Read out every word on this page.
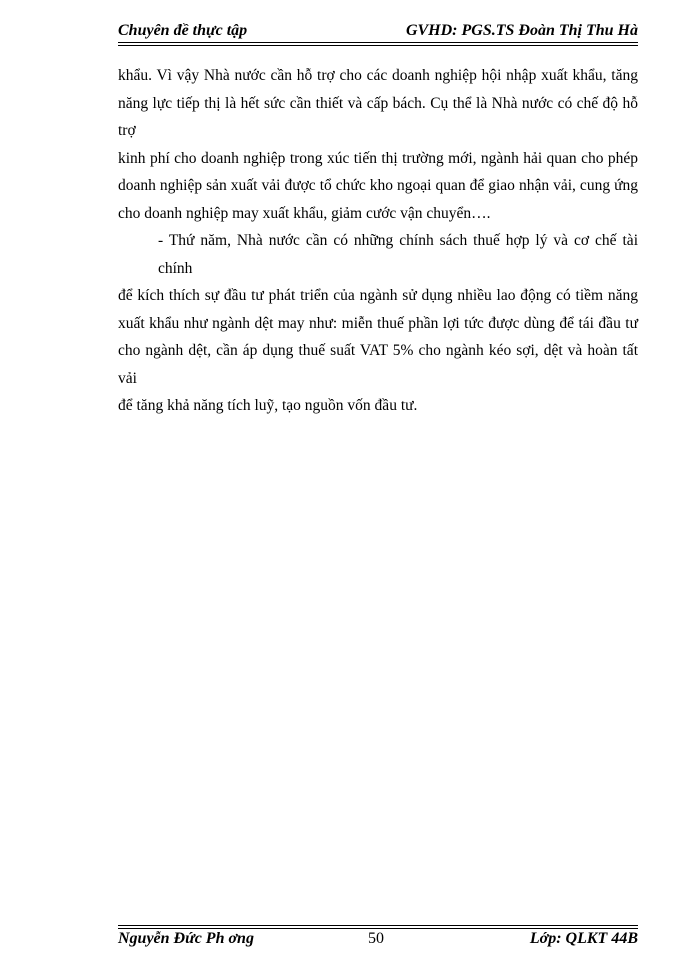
Chuyên đề thực tập	GVHD: PGS.TS Đoàn Thị Thu Hà
khẩu. Vì vậy Nhà nước cần hỗ trợ cho các doanh nghiệp hội nhập xuất khẩu, tăng
năng lực tiếp thị là hết sức cần thiết và cấp bách. Cụ thể là Nhà nước có chế độ hỗ trợ
kinh phí cho doanh nghiệp trong xúc tiến thị trường mới, ngành hải quan cho phép
doanh nghiệp sản xuất vải được tổ chức kho ngoại quan để giao nhận vải, cung ứng
cho doanh nghiệp may xuất khẩu, giảm cước vận chuyển….
- Thứ năm, Nhà nước cần có những chính sách thuế hợp lý và cơ chế tài chính
để kích thích sự đầu tư phát triển của ngành sử dụng nhiều lao động có tiềm năng
xuất khẩu như ngành dệt may như: miễn thuế phần lợi tức được dùng để tái đầu tư
cho ngành dệt, cần áp dụng thuế suất VAT 5% cho ngành kéo sợi, dệt và hoàn tất vải
để tăng khả năng tích luỹ, tạo nguồn vốn đầu tư.
Nguyễn Đức Ph ơng	50	Lớp: QLKT 44B
